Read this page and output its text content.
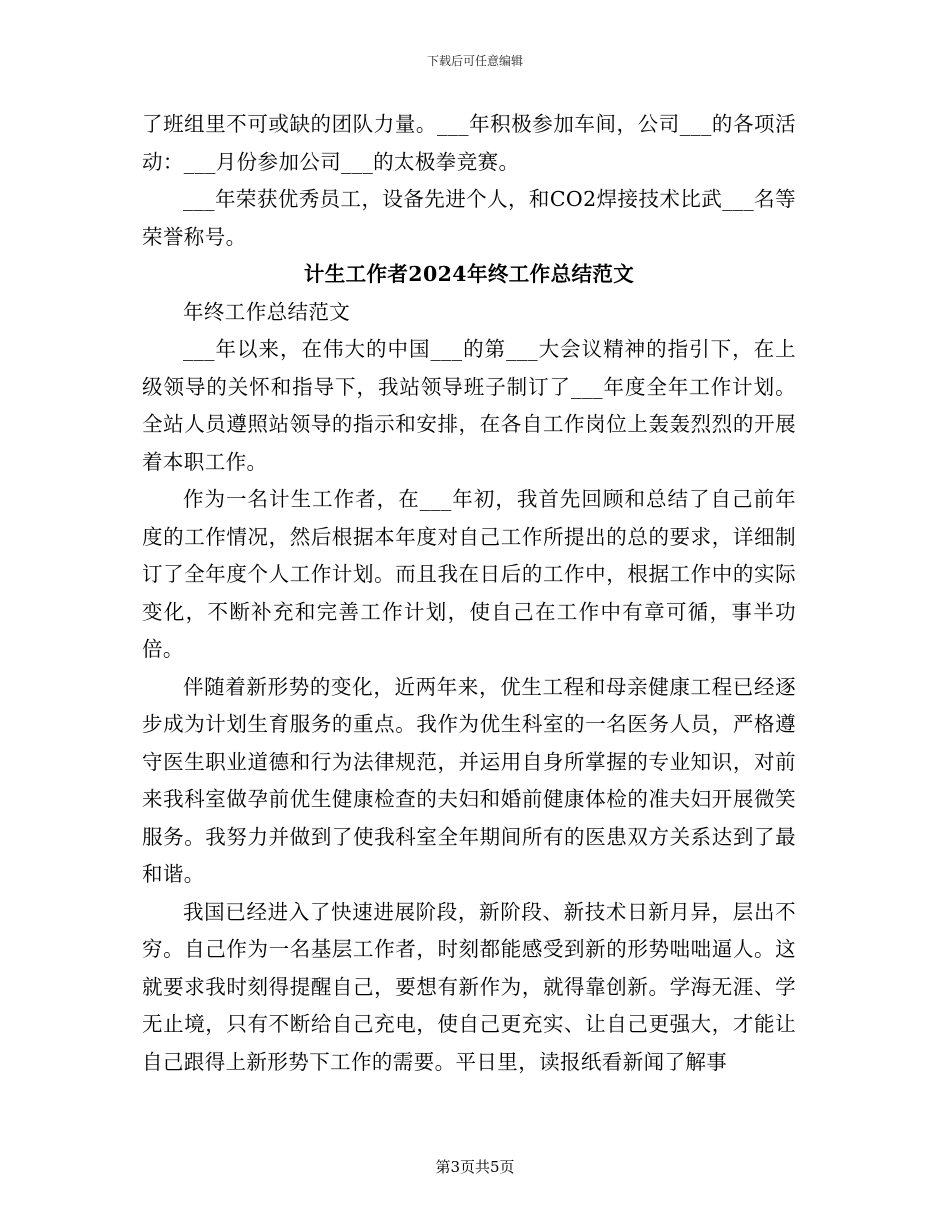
下载后可任意编辑

了班组里不可或缺的团队力量。___年积极参加车间，公司___的各项活动：___月份参加公司___的太极拳竞赛。

___年荣获优秀员工，设备先进个人，和CO2焊接技术比武___名等荣誉称号。

计生工作者2024年终工作总结范文

年终工作总结范文

___年以来，在伟大的中国___的第___大会议精神的指引下，在上级领导的关怀和指导下，我站领导班子制订了___年度全年工作计划。全站人员遵照站领导的指示和安排，在各自工作岗位上轰轰烈烈的开展着本职工作。

作为一名计生工作者，在___年初，我首先回顾和总结了自己前年度的工作情况，然后根据本年度对自己工作所提出的总的要求，详细制订了全年度个人工作计划。而且我在日后的工作中，根据工作中的实际变化，不断补充和完善工作计划，使自己在工作中有章可循，事半功倍。

伴随着新形势的变化，近两年来，优生工程和母亲健康工程已经逐步成为计划生育服务的重点。我作为优生科室的一名医务人员，严格遵守医生职业道德和行为法律规范，并运用自身所掌握的专业知识，对前来我科室做孕前优生健康检查的夫妇和婚前健康体检的准夫妇开展微笑服务。我努力并做到了使我科室全年期间所有的医患双方关系达到了最和谐。

我国已经进入了快速进展阶段，新阶段、新技术日新月异，层出不穷。自己作为一名基层工作者，时刻都能感受到新的形势咄咄逼人。这就要求我时刻得提醒自己，要想有新作为，就得靠创新。学海无涯、学无止境，只有不断给自己充电，使自己更充实、让自己更强大，才能让自己跟得上新形势下工作的需要。平日里，读报纸看新闻了解事

第3页共5页
